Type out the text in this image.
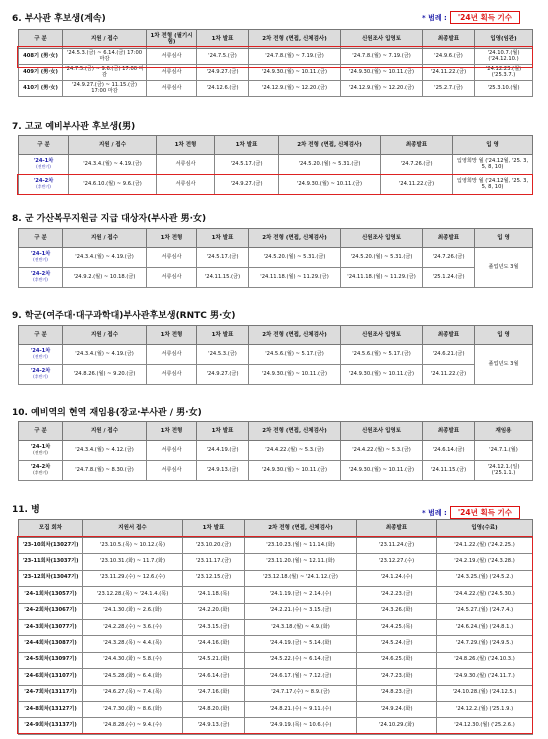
6. 부사관 후보생(계속)	* 범례 :	'24년 획득 기수
구 분	지원 / 접수	1차 전형 (필기시험)	1차 발표	2차 전형 (면접, 신체검사)	신원조사 입영토	최종발표	입영(임관)
408기 (男·女)	'24.5.3.(금) ~ 6.14.(금) 17:00 마감	서류심사	'24.7.5.(금)	'24.7.8.(월) ~ 7.19.(금)	'24.7.8.(월) ~ 7.19.(금)	'24.9.6.(금)	'24.10.7.(월) ('24.12.10.)
409기 (男·女)	'24.7.5.(금) ~ 9.6.(금) 17:00 마감	서류심사	'24.9.27.(금)	'24.9.30.(월) ~ 10.11.(금)	'24.9.30.(월) ~ 10.11.(금)	'24.11.22.(금)	'24.12.23.(월) ('25.3.7.)
410기 (男·女)	'24.9.27.(금) ~ 11.15.(금) 17:00 마감	서류심사	'24.12.6.(금)	'24.12.9.(월) ~ 12.20.(금)	'24.12.9.(월) ~ 12.20.(금)	'25.2.7.(금)	'25.3.10.(월)
7. 고교 예비부사관 후보생(男)
구 분	지원 / 접수	1차 전형	1차 발표	2차 전형 (면접, 신체검사)	최종발표	입 영
'24-1차
(전반기)	'24.3.4.(월) ~ 4.19.(금)	서류심사	'24.5.17.(금)	'24.5.20.(월) ~ 5.31.(금)	'24.7.26.(금)	입영희망 월 ('24.12월, '25. 3, 5, 8, 10)
'24-2차
(후반기)	'24.6.10.(월) ~ 9.6.(금)	서류심사	'24.9.27.(금)	'24.9.30.(월) ~ 10.11.(금)	'24.11.22.(금)	입영희망 월 ('24.12월, '25. 3, 5, 8, 10)
8. 군 가산복무지원금 지급 대상자(부사관 男·女)
구 분	지원 / 접수	1차 전형	1차 발표	2차 전형 (면접, 신체검사)	신원조사 입영토	최종발표	입 영
'24-1차
(전반기)	'24.3.4.(월) ~ 4.19.(금)	서류심사	'24.5.17.(금)	'24.5.20.(월) ~ 5.31.(금)	'24.5.20.(월) ~ 5.31.(금)	'24.7.26.(금)	졸업년도 3월
'24-2차
(후반기)	'24.9.2.(월) ~ 10.18.(금)	서류심사	'24.11.15.(금)	'24.11.18.(월) ~ 11.29.(금)	'24.11.18.(월) ~ 11.29.(금)	'25.1.24.(금)	
9. 학군(여주대·대구과학대)부사관후보생(RNTC 男·女)
구 분	지원 / 접수	1차 전형	1차 발표	2차 전형 (면접, 신체검사)	신원조사 입영토	최종발표	입 영
'24-1차
(전반기)	'24.3.4.(월) ~ 4.19.(금)	서류심사	'24.5.3.(금)	'24.5.6.(월) ~ 5.17.(금)	'24.5.6.(월) ~ 5.17.(금)	'24.6.21.(금)	졸업년도 3월
'24-2차
(후반기)	'24.8.26.(월) ~ 9.20.(금)	서류심사	'24.9.27.(금)	'24.9.30.(월) ~ 10.11.(금)	'24.9.30.(월) ~ 10.11.(금)	'24.11.22.(금)	
10. 예비역의 현역 재임용(장교·부사관 / 男·女)
구 분	지원 / 접수	1차 전형	1차 발표	2차 전형 (면접, 신체검사)	신원조사 입영토	최종발표	재임용
'24-1차
(전반기)	'24.3.4.(월) ~ 4.12.(금)	서류심사	'24.4.19.(금)	'24.4.22.(월) ~ 5.3.(금)	'24.4.22.(월) ~ 5.3.(금)	'24.6.14.(금)	'24.7.1.(월)
'24-2차
(후반기)	'24.7.8.(월) ~ 8.30.(금)	서류심사	'24.9.13.(금)	'24.9.30.(월) ~ 10.11.(금)	'24.9.30.(월) ~ 10.11.(금)	'24.11.15.(금)	'24.12.1.(일) ('25.1.1.)
11. 병	* 범례 :	'24년 획득 기수
모집 회차	지원서 접수	1차 발표	2차 전형 (면접, 신체검사)	최종발표	입영(수료)
'23-10회차(13027기)	'23.10.5.(목) ~ 10.12.(목)	'23.10.20.(금)	'23.10.23.(월) ~ 11.14.(화)	'23.11.24.(금)	'24.1.22.(월) ('24.2.25.)
'23-11회차(13037기)	'23.10.31.(화) ~ 11.7.(화)	'23.11.17.(금)	'23.11.20.(월) ~ 12.11.(화)	'23.12.27.(수)	'24.2.19.(월) ('24.3.28.)
'23-12회차(13047기)	'23.11.29.(수) ~ 12.6.(수)	'23.12.15.(금)	'23.12.18.(월) ~ '24.1.12.(금)	'24.1.24.(수)	'24.3.25.(월) ('24.5.2.)
'24-1회차(13057기)	'23.12.28.(목) ~ '24.1.4.(목)	'24.1.18.(목)	'24.1.19.(금) ~ 2.14.(수)	'24.2.23.(금)	'24.4.22.(월) ('24.5.30.)
'24-2회차(13067기)	'24.1.30.(화) ~ 2.6.(화)	'24.2.20.(화)	'24.2.21.(수) ~ 3.15.(금)	'24.3.26.(화)	'24.5.27.(월) ('24.7.4.)
'24-3회차(13077기)	'24.2.28.(수) ~ 3.6.(수)	'24.3.15.(금)	'24.3.18.(월) ~ 4.9.(화)	'24.4.25.(목)	'24.6.24.(월) ('24.8.1.)
'24-4회차(13087기)	'24.3.28.(목) ~ 4.4.(목)	'24.4.16.(화)	'24.4.19.(금) ~ 5.14.(화)	'24.5.24.(금)	'24.7.29.(월) ('24.9.5.)
'24-5회차(13097기)	'24.4.30.(화) ~ 5.8.(수)	'24.5.21.(화)	'24.5.22.(수) ~ 6.14.(금)	'24.6.25.(화)	'24.8.26.(월) ('24.10.3.)
'24-6회차(13107기)	'24.5.28.(화) ~ 6.4.(화)	'24.6.14.(금)	'24.6.17.(월) ~ 7.12.(금)	'24.7.23.(화)	'24.9.30.(월) ('24.11.7.)
'24-7회차(13117기)	'24.6.27.(목) ~ 7.4.(목)	'24.7.16.(화)	'24.7.17.(수) ~ 8.9.(금)	'24.8.23.(금)	'24.10.28.(월) ('24.12.5.)
'24-8회차(13127기)	'24.7.30.(화) ~ 8.6.(화)	'24.8.20.(화)	'24.8.21.(수) ~ 9.11.(수)	'24.9.24.(화)	'24.12.2.(월) ('25.1.9.)
'24-9회차(13137기)	'24.8.28.(수) ~ 9.4.(수)	'24.9.13.(금)	'24.9.19.(목) ~ 10.6.(수)	'24.10.29.(화)	'24.12.30.(월) ('25.2.6.)
